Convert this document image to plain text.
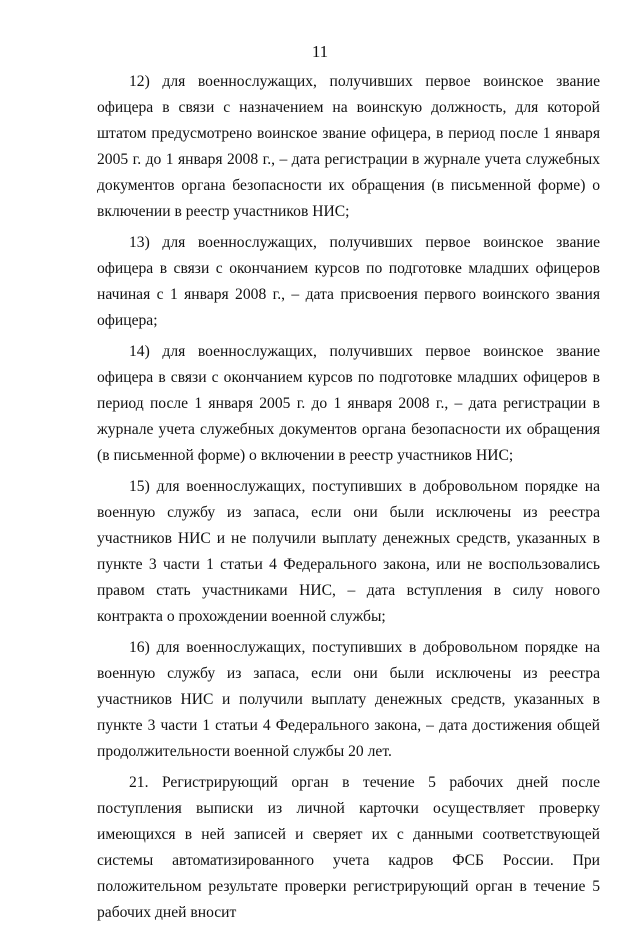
11

12) для военнослужащих, получивших первое воинское звание офицера в связи с назначением на воинскую должность, для которой штатом предусмотрено воинское звание офицера, в период после 1 января 2005 г. до 1 января 2008 г., – дата регистрации в журнале учета служебных документов органа безопасности их обращения (в письменной форме) о включении в реестр участников НИС;

13) для военнослужащих, получивших первое воинское звание офицера в связи с окончанием курсов по подготовке младших офицеров начиная с 1 января 2008 г., – дата присвоения первого воинского звания офицера;

14) для военнослужащих, получивших первое воинское звание офицера в связи с окончанием курсов по подготовке младших офицеров в период после 1 января 2005 г. до 1 января 2008 г., – дата регистрации в журнале учета служебных документов органа безопасности их обращения (в письменной форме) о включении в реестр участников НИС;

15) для военнослужащих, поступивших в добровольном порядке на военную службу из запаса, если они были исключены из реестра участников НИС и не получили выплату денежных средств, указанных в пункте 3 части 1 статьи 4 Федерального закона, или не воспользовались правом стать участниками НИС, – дата вступления в силу нового контракта о прохождении военной службы;

16) для военнослужащих, поступивших в добровольном порядке на военную службу из запаса, если они были исключены из реестра участников НИС и получили выплату денежных средств, указанных в пункте 3 части 1 статьи 4 Федерального закона, – дата достижения общей продолжительности военной службы 20 лет.

21. Регистрирующий орган в течение 5 рабочих дней после поступления выписки из личной карточки осуществляет проверку имеющихся в ней записей и сверяет их с данными соответствующей системы автоматизированного учета кадров ФСБ России. При положительном результате проверки регистрирующий орган в течение 5 рабочих дней вносит
